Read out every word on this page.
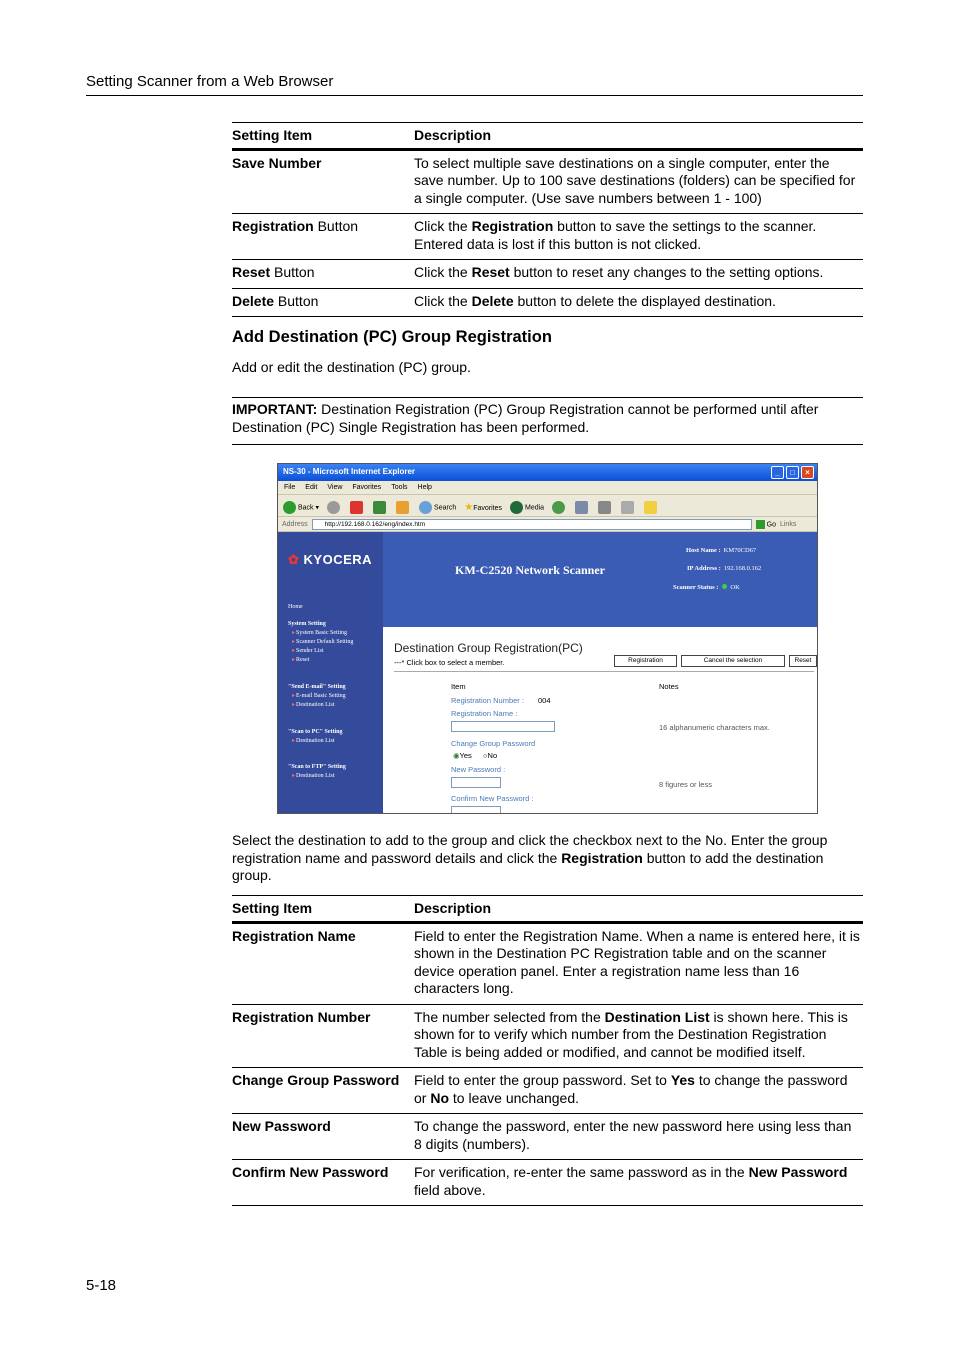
Setting Scanner from a Web Browser
Setting Item	Description
Save Number	To select multiple save destinations on a single computer, enter the save number. Up to 100 save destinations (folders) can be specified for a single computer. (Use save numbers between 1 - 100)
Registration Button	Click the Registration button to save the settings to the scanner. Entered data is lost if this button is not clicked.
Reset Button	Click the Reset button to reset any changes to the setting options.
Delete Button	Click the Delete button to delete the displayed destination.
Add Destination (PC) Group Registration
Add or edit the destination (PC) group.
IMPORTANT: Destination Registration (PC) Group Registration cannot be performed until after Destination (PC) Single Registration has been performed.
NS-30 - Microsoft Internet Explorer	_	□	×
File Edit View Favorites Tools Help
Back ▾	Search ★Favorites	Media
Address	http://192.168.0.162/eng/index.htm	Go Links
✿ KYOCERA
Home
System Setting
▸ System Basic Setting
▸ Scanner Default Setting
▸ Sender List
▸ Reset
"Send E-mail" Setting
▸ E-mail Basic Setting
▸ Destination List
"Scan to PC" Setting
▸ Destination List
"Scan to FTP" Setting
▸ Destination List
KM-C2520 Network Scanner
Host Name : KM70CD67
IP Address : 192.168.0.162
Scanner Status : OK
Destination Group Registration(PC)
---* Click box to select a member.	Registration	Cancel the selection	Reset
Item	Notes
Registration Number : 004
Registration Name :
16 alphanumeric characters max.
Change Group Password
◉Yes ○No
New Password :
8 figures or less
Confirm New Password :
Select the destination to add to the group and click the checkbox next to the No. Enter the group registration name and password details and click the Registration button to add the destination group.
Setting Item	Description
Registration Name	Field to enter the Registration Name. When a name is entered here, it is shown in the Destination PC Registration table and on the scanner device operation panel. Enter a registration name less than 16 characters long.
Registration Number	The number selected from the Destination List is shown here. This is shown for to verify which number from the Destination Registration Table is being added or modified, and cannot be modified itself.
Change Group Password	Field to enter the group password. Set to Yes to change the password or No to leave unchanged.
New Password	To change the password, enter the new password here using less than 8 digits (numbers).
Confirm New Password	For verification, re-enter the same password as in the New Password field above.
5-18
